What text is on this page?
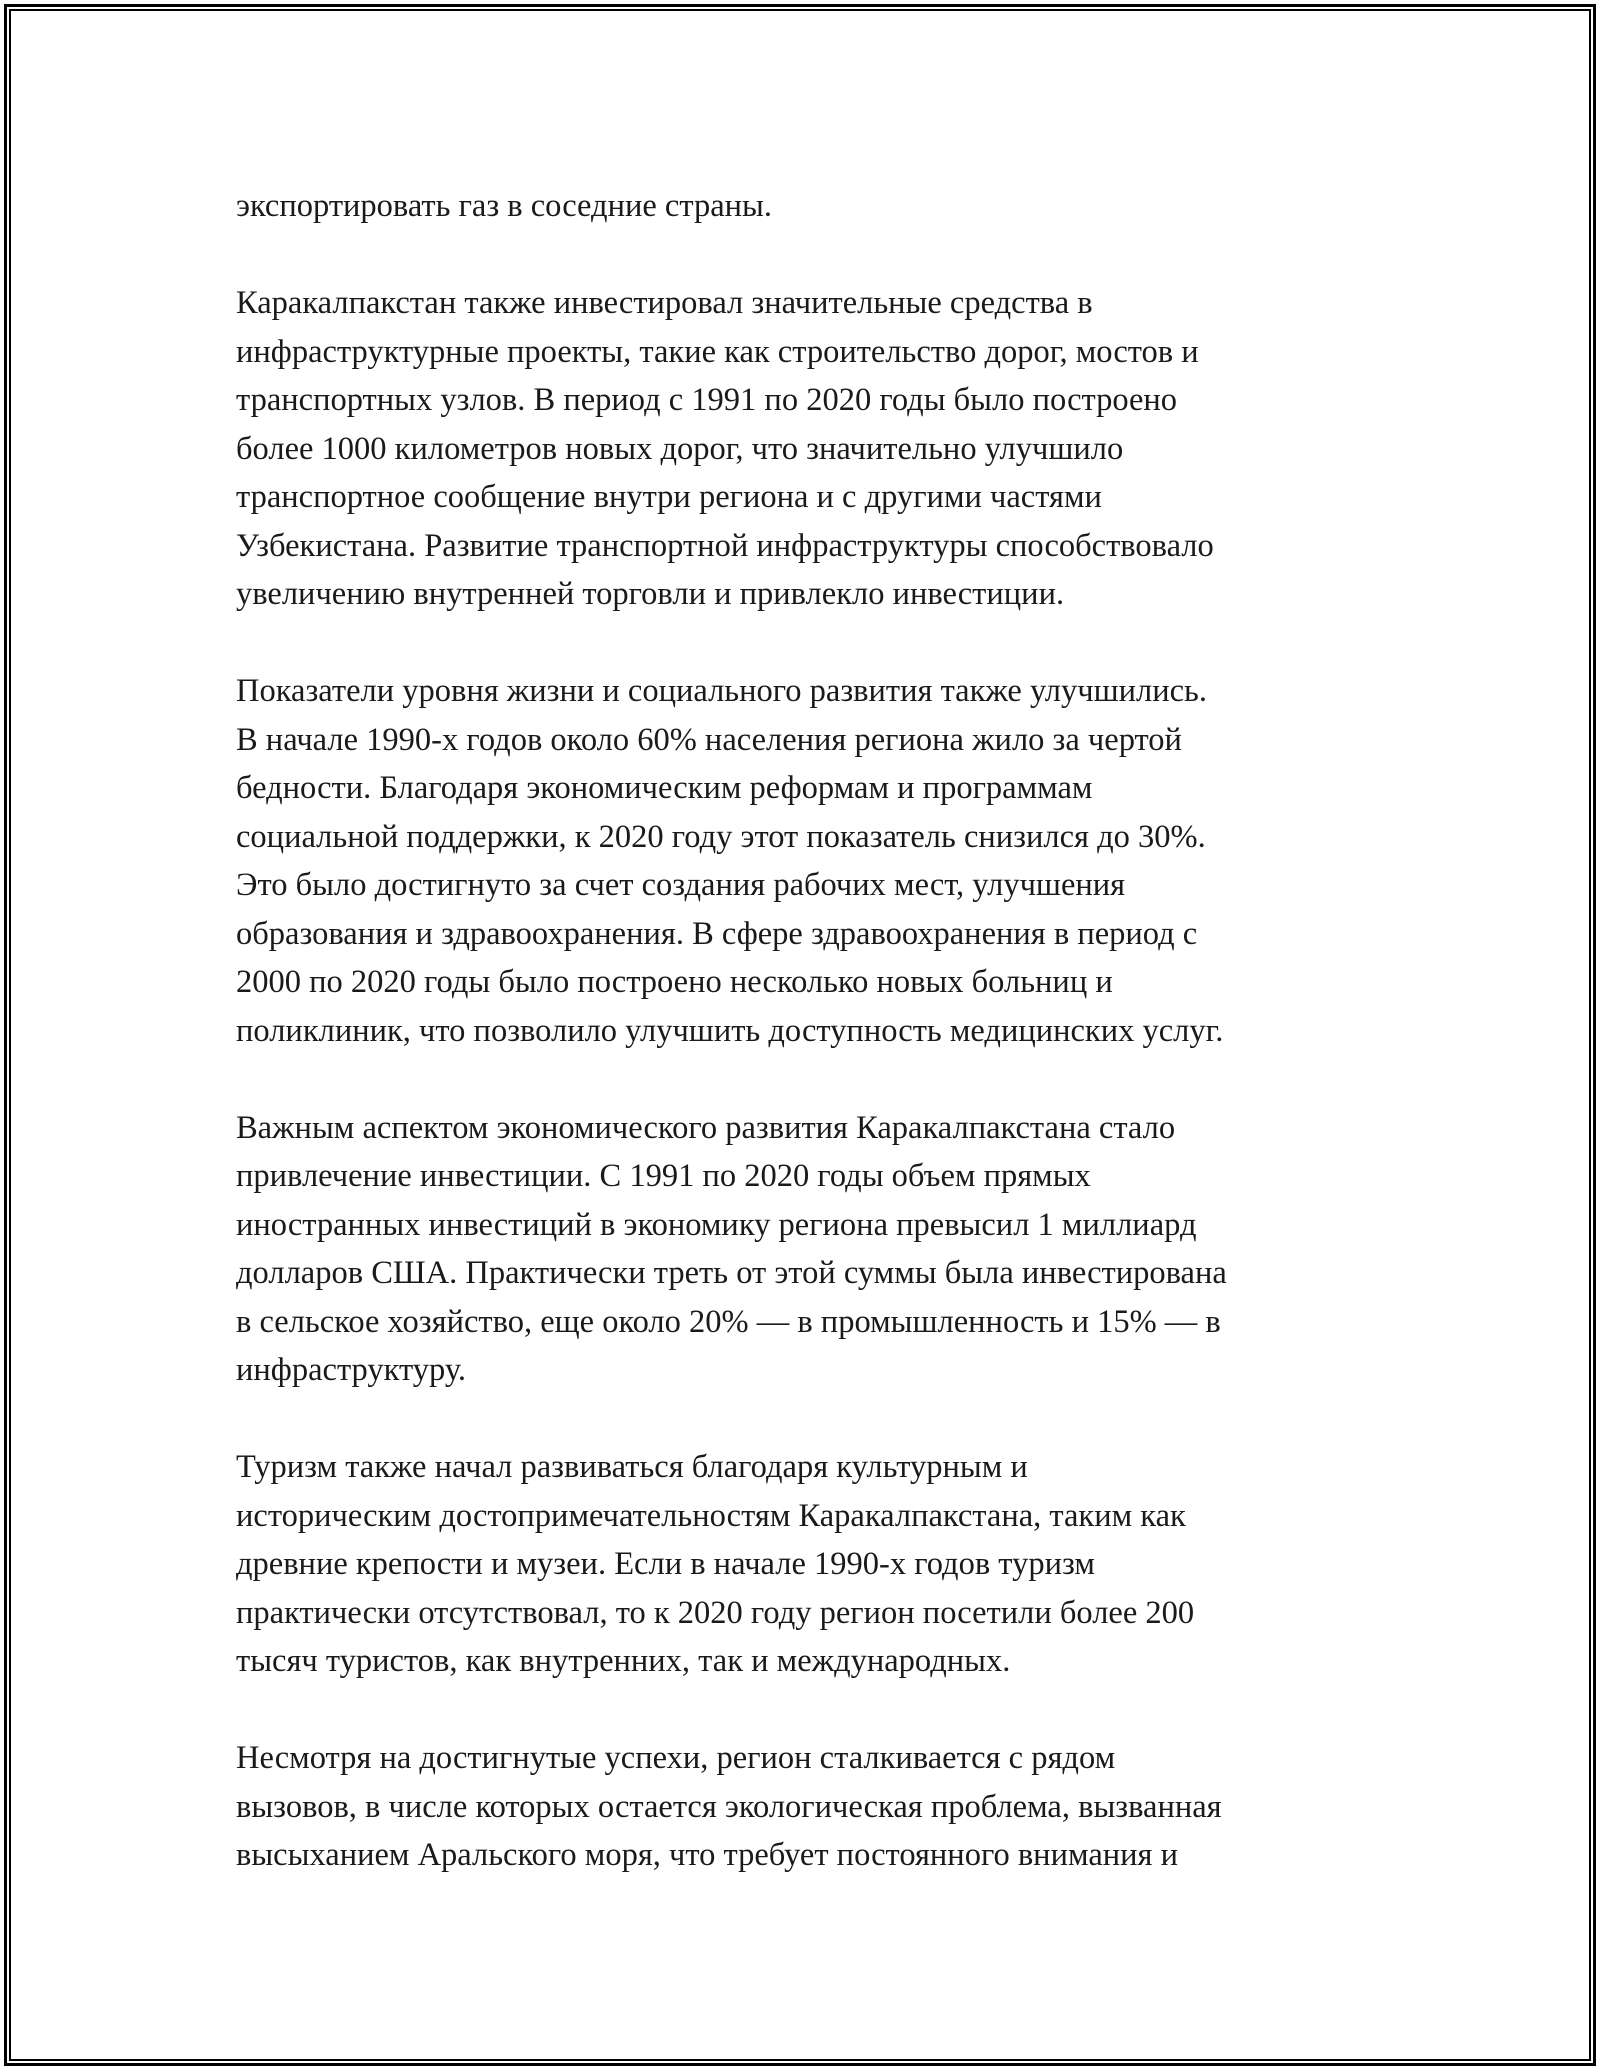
экспортировать газ в соседние страны.

Каракалпакстан также инвестировал значительные средства в
инфраструктурные проекты, такие как строительство дорог, мостов и
транспортных узлов. В период с 1991 по 2020 годы было построено
более 1000 километров новых дорог, что значительно улучшило
транспортное сообщение внутри региона и с другими частями
Узбекистана. Развитие транспортной инфраструктуры способствовало
увеличению внутренней торговли и привлекло инвестиции.

Показатели уровня жизни и социального развития также улучшились.
В начале 1990-х годов около 60% населения региона жило за чертой
бедности. Благодаря экономическим реформам и программам
социальной поддержки, к 2020 году этот показатель снизился до 30%.
Это было достигнуто за счет создания рабочих мест, улучшения
образования и здравоохранения. В сфере здравоохранения в период с
2000 по 2020 годы было построено несколько новых больниц и
поликлиник, что позволило улучшить доступность медицинских услуг.

Важным аспектом экономического развития Каракалпакстана стало
привлечение инвестиции. С 1991 по 2020 годы объем прямых
иностранных инвестиций в экономику региона превысил 1 миллиард
долларов США. Практически треть от этой суммы была инвестирована
в сельское хозяйство, еще около 20% — в промышленность и 15% — в
инфраструктуру.

Туризм также начал развиваться благодаря культурным и
историческим достопримечательностям Каракалпакстана, таким как
древние крепости и музеи. Если в начале 1990-х годов туризм
практически отсутствовал, то к 2020 году регион посетили более 200
тысяч туристов, как внутренних, так и международных.

Несмотря на достигнутые успехи, регион сталкивается с рядом
вызовов, в числе которых остается экологическая проблема, вызванная
высыханием Аральского моря, что требует постоянного внимания и
